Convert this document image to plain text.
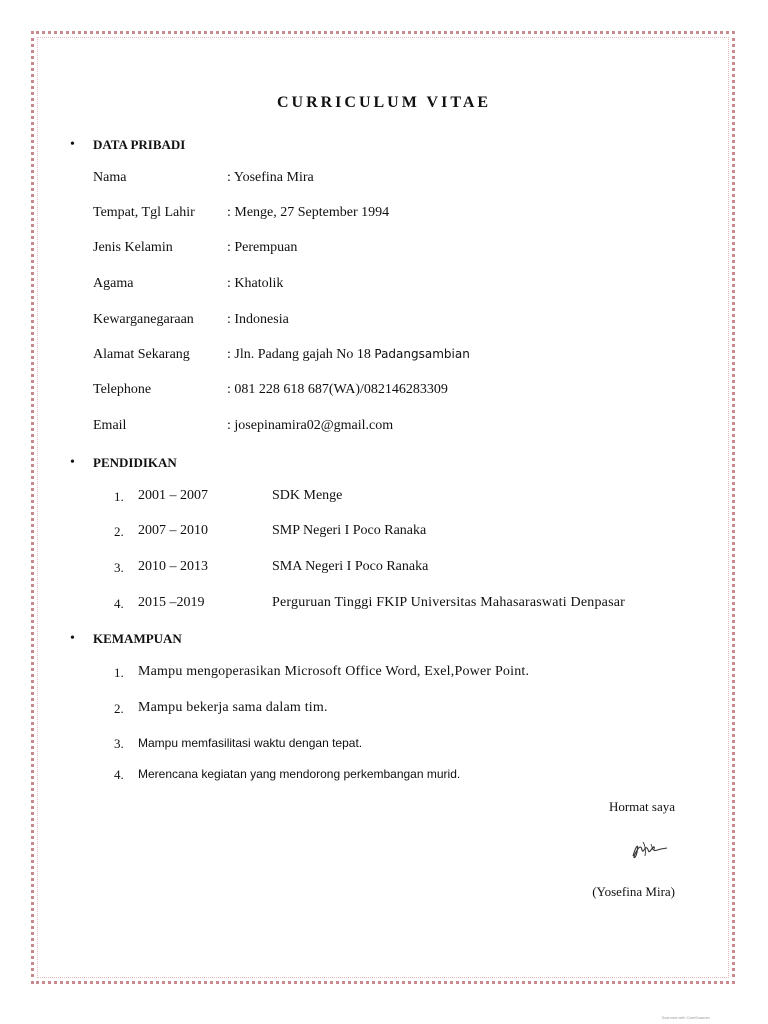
CURRICULUM VITAE
• DATA PRIBADI
Nama	: Yosefina Mira
Tempat, Tgl Lahir : Menge, 27 September 1994
Jenis Kelamin	: Perempuan
Agama	: Khatolik
Kewarganegaraan : Indonesia
Alamat Sekarang	: Jln. Padang gajah No 18 Padangsambian
Telephone	: 081 228 618 687(WA)/082146283309
Email	: josepinamira02@gmail.com
• PENDIDIKAN
1. 2001 – 2007	SDK Menge
2. 2007 – 2010	SMP Negeri I Poco Ranaka
3. 2010 – 2013	SMA Negeri I Poco Ranaka
4. 2015 –2019	Perguruan Tinggi FKIP Universitas Mahasaraswati Denpasar
• KEMAMPUAN
1. Mampu mengoperasikan Microsoft Office Word, Exel,Power Point.
2. Mampu bekerja sama dalam tim.
3. Mampu memfasilitasi waktu dengan tepat.
4. Merencana kegiatan yang mendorong perkembangan murid.
Hormat saya
(Yosefina Mira)
Scanned with CamScanner
